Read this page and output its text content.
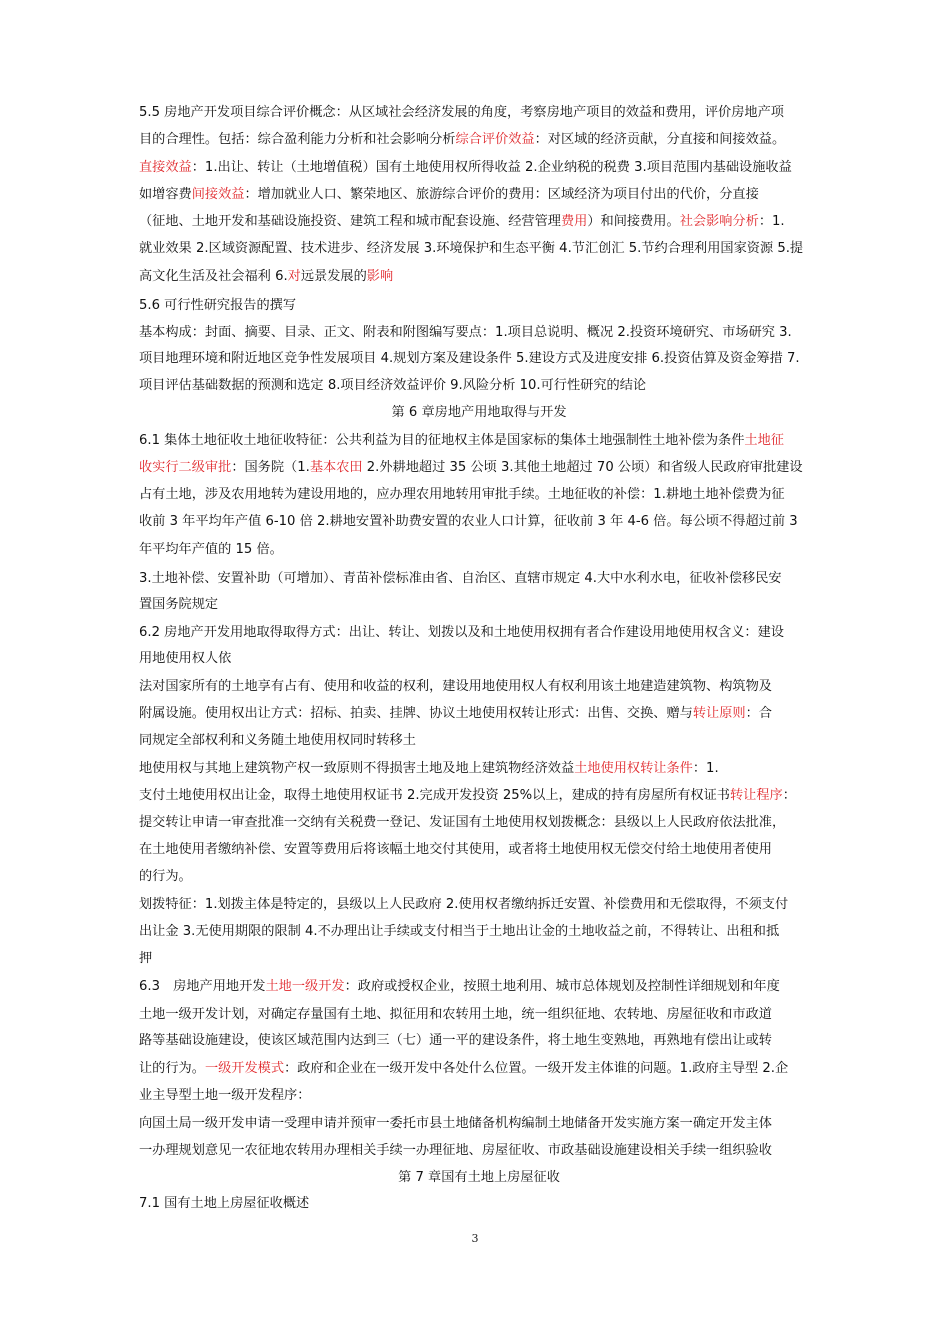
5.5 房地产开发项目综合评价概念：从区域社会经济发展的角度，考察房地产项目的效益和费用，评价房地产项
目的合理性。包括：综合盈利能力分析和社会影响分析综合评价效益：对区域的经济贡献，分直接和间接效益。
直接效益：1.出让、转让（土地增值税）国有土地使用权所得收益 2.企业纳税的税费 3.项目范围内基础设施收益
如增容费间接效益：增加就业人口、繁荣地区、旅游综合评价的费用：区域经济为项目付出的代价，分直接
（征地、土地开发和基础设施投资、建筑工程和城市配套设施、经营管理费用）和间接费用。社会影响分析：1.
就业效果 2.区域资源配置、技术进步、经济发展 3.环境保护和生态平衡 4.节汇创汇 5.节约合理利用国家资源 5.提
高文化生活及社会福利 6.对远景发展的影响
5.6 可行性研究报告的撰写
基本构成：封面、摘要、目录、正文、附表和附图编写要点：1.项目总说明、概况 2.投资环境研究、市场研究 3.
项目地理环境和附近地区竞争性发展项目 4.规划方案及建设条件 5.建设方式及进度安排 6.投资估算及资金筹措 7.
项目评估基础数据的预测和选定 8.项目经济效益评价 9.风险分析 10.可行性研究的结论
第 6 章房地产用地取得与开发
6.1 集体土地征收土地征收特征：公共利益为目的征地权主体是国家标的集体土地强制性土地补偿为条件土地征
收实行二级审批：国务院（1.基本农田 2.外耕地超过 35 公顷 3.其他土地超过 70 公顷）和省级人民政府审批建设
占有土地，涉及农用地转为建设用地的，应办理农用地转用审批手续。土地征收的补偿：1.耕地土地补偿费为征
收前 3 年平均年产值 6-10 倍 2.耕地安置补助费安置的农业人口计算，征收前 3 年 4-6 倍。每公顷不得超过前 3
年平均年产值的 15 倍。
3.土地补偿、安置补助（可增加）、青苗补偿标准由省、自治区、直辖市规定 4.大中水利水电，征收补偿移民安
置国务院规定
6.2 房地产开发用地取得取得方式：出让、转让、划拨以及和土地使用权拥有者合作建设用地使用权含义：建设
用地使用权人依
法对国家所有的土地享有占有、使用和收益的权利，建设用地使用权人有权利用该土地建造建筑物、构筑物及
附属设施。使用权出让方式：招标、拍卖、挂牌、协议土地使用权转让形式：出售、交换、赠与转让原则：合
同规定全部权利和义务随土地使用权同时转移土
地使用权与其地上建筑物产权一致原则不得损害土地及地上建筑物经济效益土地使用权转让条件：1.
支付土地使用权出让金，取得土地使用权证书 2.完成开发投资 25%以上，建成的持有房屋所有权证书转让程序：
提交转让申请一审查批准一交纳有关税费一登记、发证国有土地使用权划拨概念：县级以上人民政府依法批准，
在土地使用者缴纳补偿、安置等费用后将该幅土地交付其使用，或者将土地使用权无偿交付给土地使用者使用
的行为。
划拨特征：1.划拨主体是特定的，县级以上人民政府 2.使用权者缴纳拆迁安置、补偿费用和无偿取得，不须支付
出让金 3.无使用期限的限制 4.不办理出让手续或支付相当于土地出让金的土地收益之前，不得转让、出租和抵
押
6.3　房地产用地开发土地一级开发：政府或授权企业，按照土地利用、城市总体规划及控制性详细规划和年度
土地一级开发计划，对确定存量国有土地、拟征用和农转用土地，统一组织征地、农转地、房屋征收和市政道
路等基础设施建设，使该区域范围内达到三（七）通一平的建设条件，将土地生变熟地，再熟地有偿出让或转
让的行为。一级开发模式：政府和企业在一级开发中各处什么位置。一级开发主体谁的问题。1.政府主导型 2.企
业主导型土地一级开发程序：
向国土局一级开发申请一受理申请并预审一委托市县土地储备机构编制土地储备开发实施方案一确定开发主体
一办理规划意见一农征地农转用办理相关手续一办理征地、房屋征收、市政基础设施建设相关手续一组织验收
第 7 章国有土地上房屋征收
7.1 国有土地上房屋征收概述
3
